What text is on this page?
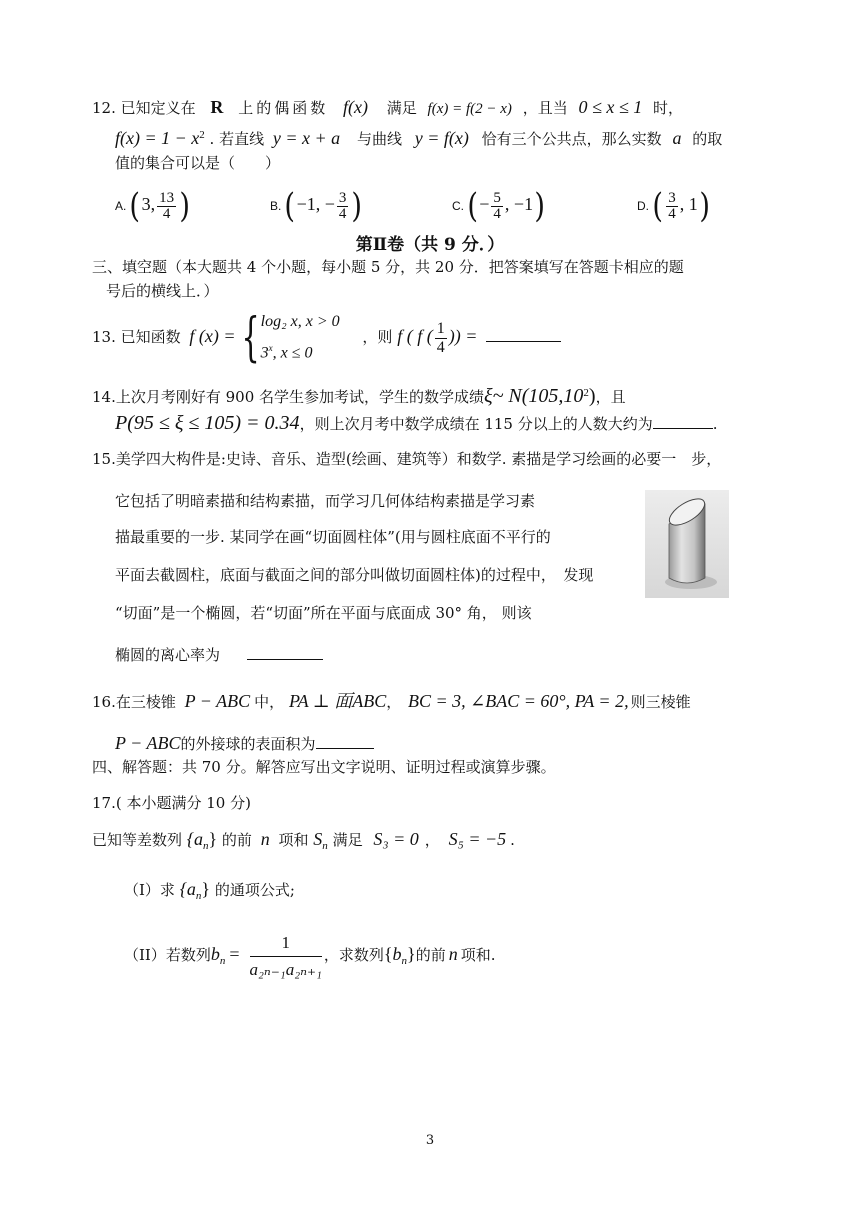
12. 已知定义在 R 上的偶函数 f(x) 满足 f(x) = f(2 − x) ，且当 0 ≤ x ≤ 1 时，
$f(x) = 1 - x^2$ . 若直线 y = x + a 与曲线 y = f(x) 恰有三个公共点，那么实数 a 的取
值的集合可以是（　　）
A.(3, $\frac{13}{4}$ )	B.(−1, − $\frac{3}{4}$ )	$C.(- \frac{5}{4}$ , −1)	$D.( \frac{3}{4}$ , 1)
第Ⅱ卷（共 9 分．）
三、填空题（本大题共 4 个小题，每小题 5 分，共 20 分．把答案填写在答题卡相应的题
号后的横线上．）
13. 已知函数 f (x) = { log₂ x, x > 0
3$^x$, x ≤ 0
，则 f ( f ( $\frac{1}{4}$ )) =
14.上次月考刚好有 900 名学生参加考试，学生的数学成绩ξ~ N(105,10$^2$)，且
P(95 ≤ ξ ≤ 105) = 0.34，则上次月考中数学成绩在 115 分以上的人数大约为	.
15.美学四大构件是:史诗、音乐、造型(绘画、建筑等）和数学. 素描是学习绘画的必要一　步，
它包括了明暗素描和结构素描，而学习几何体结构素描是学习素
描最重要的一步. 某同学在画“切面圆柱体”(用与圆柱底面不平行的
平面去截圆柱，底面与截面之间的部分叫做切面圆柱体)的过程中，　发现
“切面”是一个椭圆，若“切面”所在平面与底面成 30° 角， 则该
椭圆的离心率为
16.在三棱锥 P − ABC 中， PA ⊥ 面ABC， BC = 3, ∠BAC = 60°, PA = 2, 则三棱锥
P − ABC的外接球的表面积为
四、解答题：共 70 分。解答应写出文字说明、证明过程或演算步骤。
17.( 本小题满分 10 分)
已知等差数列 $\{a_n\}$ 的前 n 项和 $S_n$ 满足 S₃ = 0 ， S₅ = −5 .
（I）求 $\{a_n\}$ 的通项公式;
（II）若数列$b_n = \frac{1}{\text{a₂ₙ₋₁a₂ₙ₊₁}}$ ，求数列$\{b_n\}$的前 n 项和.
3
